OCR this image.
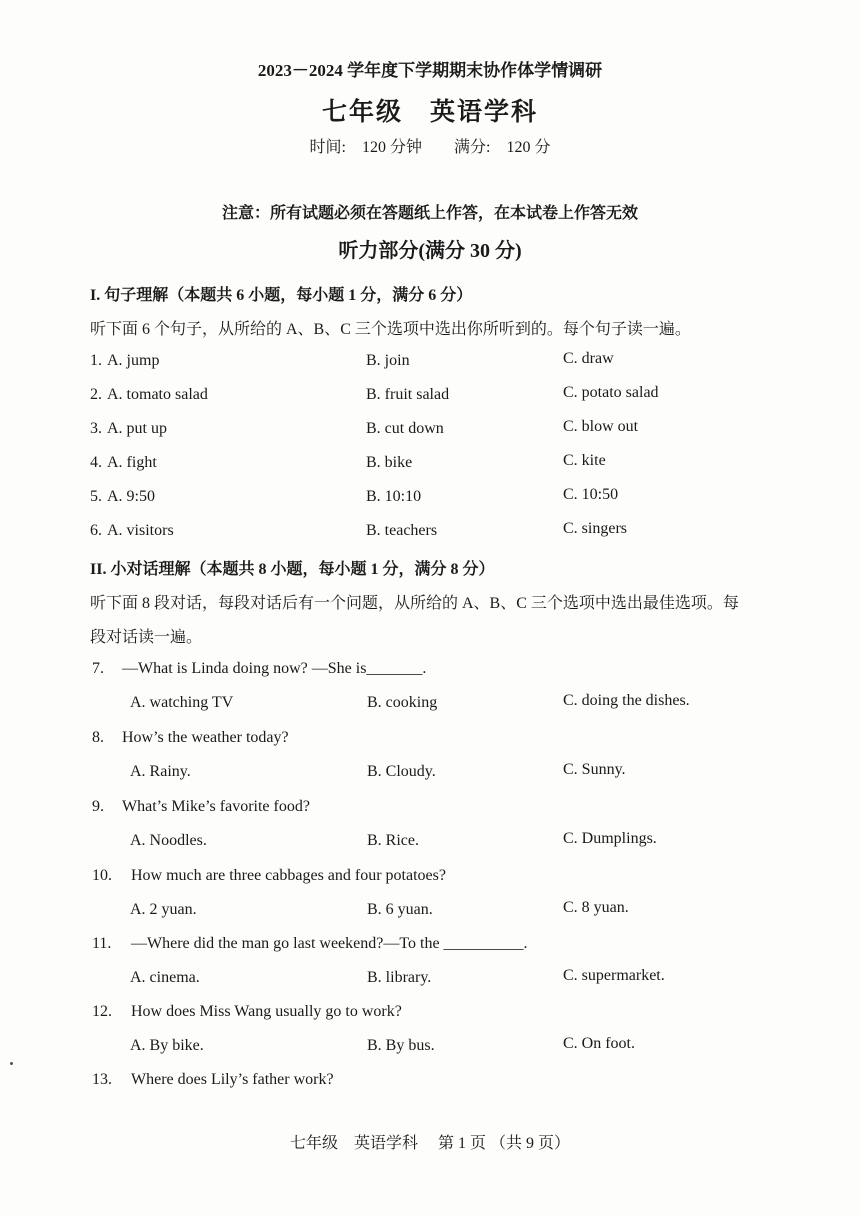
2023－2024 学年度下学期期末协作体学情调研
七年级　英语学科
时间:　120 分钟 满分:　120 分
注意：所有试题必须在答题纸上作答，在本试卷上作答无效
听力部分(满分 30 分)
I. 句子理解（本题共 6 小题，每小题 1 分，满分 6 分）
听下面 6 个句子，从所给的 A、B、C 三个选项中选出你所听到的。每个句子读一遍。
1. A. jump	B. join	C. draw
2. A. tomato salad	B. fruit salad	C. potato salad
3. A. put up	B. cut down	C. blow out
4. A. fight	B. bike	C. kite
5. A. 9:50	B. 10:10	C. 10:50
6. A. visitors	B. teachers	C. singers
II. 小对话理解（本题共 8 小题，每小题 1 分，满分 8 分）
听下面 8 段对话，每段对话后有一个问题，从所给的 A、B、C 三个选项中选出最佳选项。每
段对话读一遍。
7. —What is Linda doing now? —She is_______.
A. watching TV	B. cooking	C. doing the dishes.
8. How’s the weather today?
A. Rainy.	B. Cloudy.	C. Sunny.
9. What’s Mike’s favorite food?
A. Noodles.	B. Rice.	C. Dumplings.
10. How much are three cabbages and four potatoes?
A. 2 yuan.	B. 6 yuan.	C. 8 yuan.
11. —Where did the man go last weekend?—To the __________.
A. cinema.	B. library.	C. supermarket.
12. How does Miss Wang usually go to work?
A. By bike.	B. By bus.	C. On foot.
13. Where does Lily’s father work?
七年级　英语学科　 第 1 页 （共 9 页）
